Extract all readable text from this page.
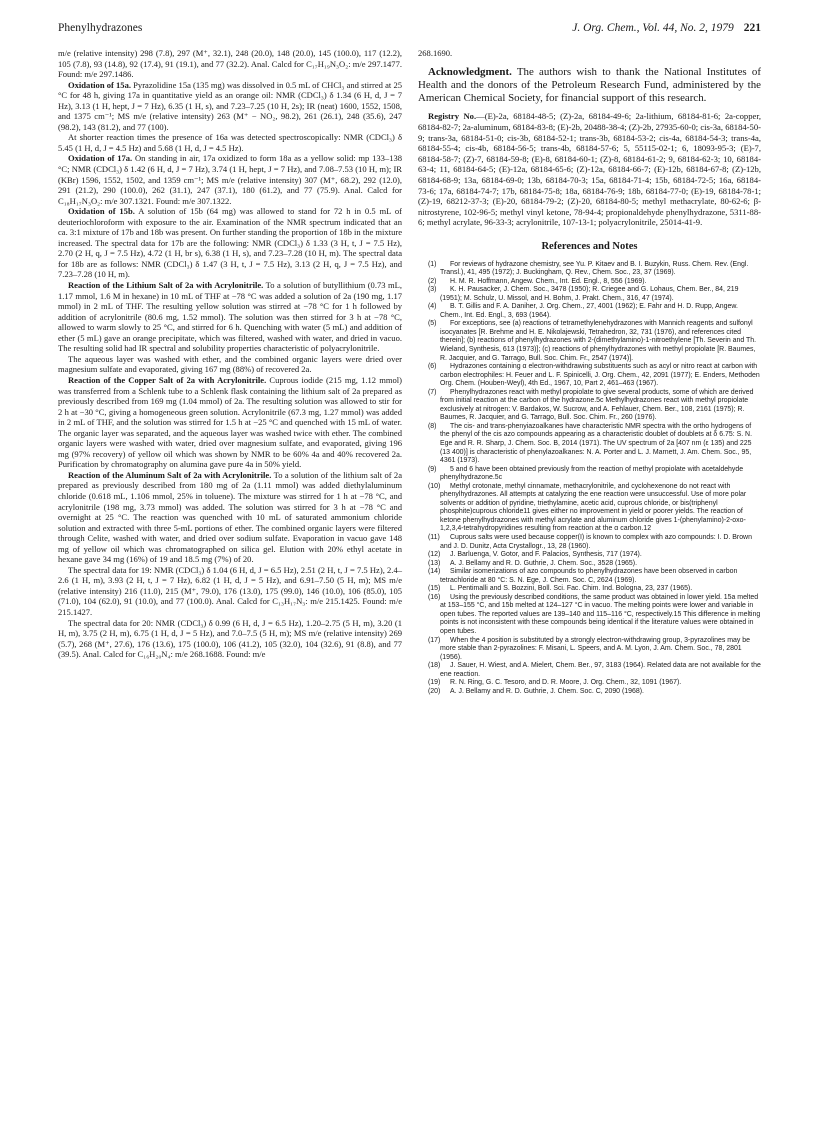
Phenylhydrazones	J. Org. Chem., Vol. 44, No. 2, 1979 221

m/e (relative intensity) 298 (7.8), 297 (M⁺, 32.1), 248 (20.0), 148 (20.0), 145 (100.0), 117 (12.2), 105 (7.8), 93 (14.8), 92 (17.4), 91 (19.1), and 77 (32.2). Anal. Calcd for C₁₇H₁₉N₃O₂: m/e 297.1477. Found: m/e 297.1486.

Oxidation of 15a. Pyrazolidine 15a (135 mg) was dissolved in 0.5 mL of CHCl₃ and stirred at 25 °C for 48 h, giving 17a in quantitative yield as an orange oil: NMR (CDCl₃) δ 1.34 (6 H, d, J = 7 Hz), 3.13 (1 H, hept, J = 7 Hz), 6.35 (1 H, s), and 7.23–7.25 (10 H, 2s); IR (neat) 1600, 1552, 1508, and 1375 cm⁻¹; MS m/e (relative intensity) 263 (M⁺ − NO₂, 98.2), 261 (26.1), 248 (35.6), 247 (98.2), 143 (81.2), and 77 (100).

At shorter reaction times the presence of 16a was detected spectroscopically: NMR (CDCl₃) δ 5.45 (1 H, d, J = 4.5 Hz) and 5.68 (1 H, d, J = 4.5 Hz).

Oxidation of 17a. On standing in air, 17a oxidized to form 18a as a yellow solid: mp 133–138 °C; NMR (CDCl₃) δ 1.42 (6 H, d, J = 7 Hz), 3.74 (1 H, hept, J = 7 Hz), and 7.08–7.53 (10 H, m); IR (KBr) 1596, 1552, 1502, and 1359 cm⁻¹; MS m/e (relative intensity) 307 (M⁺, 68.2), 292 (12.0), 291 (21.2), 290 (100.0), 262 (31.1), 247 (37.1), 180 (61.2), and 77 (75.9). Anal. Calcd for C₁₈H₁₇N₃O₂: m/e 307.1321. Found: m/e 307.1322.

Oxidation of 15b. A solution of 15b (64 mg) was allowed to stand for 72 h in 0.5 mL of deuteriochloroform with exposure to the air. Examination of the NMR spectrum indicated that an ca. 3:1 mixture of 17b and 18b was present. On further standing the proportion of 18b in the mixture increased. The spectral data for 17b are the following: NMR (CDCl₃) δ 1.33 (3 H, t, J = 7.5 Hz), 2.70 (2 H, q, J = 7.5 Hz), 4.72 (1 H, br s), 6.38 (1 H, s), and 7.23–7.28 (10 H, m). The spectral data for 18b are as follows: NMR (CDCl₃) δ 1.47 (3 H, t, J = 7.5 Hz), 3.13 (2 H, q, J = 7.5 Hz), and 7.23–7.28 (10 H, m).

Reaction of the Lithium Salt of 2a with Acrylonitrile. To a solution of butyllithium (0.73 mL, 1.17 mmol, 1.6 M in hexane) in 10 mL of THF at −78 °C was added a solution of 2a (190 mg, 1.17 mmol) in 2 mL of THF. The resulting yellow solution was stirred at −78 °C for 1 h followed by addition of acrylonitrile (80.6 mg, 1.52 mmol). The solution was then stirred for 3 h at −78 °C, allowed to warm slowly to 25 °C, and stirred for 6 h. Quenching with water (5 mL) and addition of ether (5 mL) gave an orange precipitate, which was filtered, washed with water, and dried in vacuo. The resulting solid had IR spectral and solubility properties characteristic of polyacrylonitrile.

The aqueous layer was washed with ether, and the combined organic layers were dried over magnesium sulfate and evaporated, giving 167 mg (88%) of recovered 2a.

Reaction of the Copper Salt of 2a with Acrylonitrile. Cuprous iodide (215 mg, 1.12 mmol) was transferred from a Schlenk tube to a Schlenk flask containing the lithium salt of 2a prepared as previously described from 169 mg (1.04 mmol) of 2a. The resulting solution was allowed to stir for 2 h at −30 °C, giving a homogeneous green solution. Acrylonitrile (67.3 mg, 1.27 mmol) was added in 2 mL of THF, and the solution was stirred for 1.5 h at −25 °C and quenched with 15 mL of water. The organic layer was separated, and the aqueous layer was washed twice with ether. The combined organic layers were washed with water, dried over magnesium sulfate, and evaporated, giving 196 mg (97% recovery) of yellow oil which was shown by NMR to be 60% 4a and 40% recovered 2a. Purification by chromatography on alumina gave pure 4a in 50% yield.

Reaction of the Aluminum Salt of 2a with Acrylonitrile. To a solution of the lithium salt of 2a prepared as previously described from 180 mg of 2a (1.11 mmol) was added diethylaluminum chloride (0.618 mL, 1.106 mmol, 25% in toluene). The mixture was stirred for 1 h at −78 °C, and acrylonitrile (198 mg, 3.73 mmol) was added. The solution was stirred for 3 h at −78 °C and overnight at 25 °C. The reaction was quenched with 10 mL of saturated ammonium chloride solution and extracted with three 5-mL portions of ether. The combined organic layers were filtered through Celite, washed with water, and dried over sodium sulfate. Evaporation in vacuo gave 148 mg of yellow oil which was chromatographed on silica gel. Elution with 20% ethyl acetate in hexane gave 34 mg (16%) of 19 and 18.5 mg (7%) of 20.

The spectral data for 19: NMR (CDCl₃) δ 1.04 (6 H, d, J = 6.5 Hz), 2.51 (2 H, t, J = 7.5 Hz), 2.4–2.6 (1 H, m), 3.93 (2 H, t, J = 7 Hz), 6.82 (1 H, d, J = 5 Hz), and 6.91–7.50 (5 H, m); MS m/e (relative intensity) 216 (11.0), 215 (M⁺, 79.0), 176 (13.0), 175 (99.0), 146 (10.0), 106 (85.0), 105 (71.0), 104 (62.0), 91 (10.0), and 77 (100.0). Anal. Calcd for C₁₃H₁₇N₃: m/e 215.1425. Found: m/e 215.1427.

The spectral data for 20: NMR (CDCl₃) δ 0.99 (6 H, d, J = 6.5 Hz), 1.20–2.75 (5 H, m), 3.20 (1 H, m), 3.75 (2 H, m), 6.75 (1 H, d, J = 5 Hz), and 7.0–7.5 (5 H, m); MS m/e (relative intensity) 269 (5.7), 268 (M⁺, 27.6), 176 (13.6), 175 (100.0), 106 (41.2), 105 (32.0), 104 (32.6), 91 (8.8), and 77 (39.5). Anal. Calcd for C₁₆H₂₀N₄: m/e 268.1688. Found: m/e

268.1690.

Acknowledgment. The authors wish to thank the National Institutes of Health and the donors of the Petroleum Research Fund, administered by the American Chemical Society, for financial support of this research.

Registry No.—(E)-2a, 68184-48-5; (Z)-2a, 68184-49-6; 2a-lithium, 68184-81-6; 2a-copper, 68184-82-7; 2a-aluminum, 68184-83-8; (E)-2b, 20488-38-4; (Z)-2b, 27935-60-0; cis-3a, 68184-50-9; trans-3a, 68184-51-0; cis-3b, 68184-52-1; trans-3b, 68184-53-2; cis-4a, 68184-54-3; trans-4a, 68184-55-4; cis-4b, 68184-56-5; trans-4b, 68184-57-6; 5, 55115-02-1; 6, 18093-95-3; (E)-7, 68184-58-7; (Z)-7, 68184-59-8; (E)-8, 68184-60-1; (Z)-8, 68184-61-2; 9, 68184-62-3; 10, 68184-63-4; 11, 68184-64-5; (E)-12a, 68184-65-6; (Z)-12a, 68184-66-7; (E)-12b, 68184-67-8; (Z)-12b, 68184-68-9; 13a, 68184-69-0; 13b, 68184-70-3; 15a, 68184-71-4; 15b, 68184-72-5; 16a, 68184-73-6; 17a, 68184-74-7; 17b, 68184-75-8; 18a, 68184-76-9; 18b, 68184-77-0; (E)-19, 68184-78-1; (Z)-19, 68212-37-3; (E)-20, 68184-79-2; (Z)-20, 68184-80-5; methyl methacrylate, 80-62-6; β-nitrostyrene, 102-96-5; methyl vinyl ketone, 78-94-4; propionaldehyde phenylhydrazone, 5311-88-6; methyl acrylate, 96-33-3; acrylonitrile, 107-13-1; polyacrylonitrile, 25014-41-9.

References and Notes

(1) For reviews of hydrazone chemistry, see Yu. P. Kitaev and B. I. Buzykin, Russ. Chem. Rev. (Engl. Transl.), 41, 495 (1972); J. Buckingham, Q. Rev., Chem. Soc., 23, 37 (1969).

(2) H. M. R. Hoffmann, Angew. Chem., Int. Ed. Engl., 8, 556 (1969).

(3) K. H. Pausacker, J. Chem. Soc., 3478 (1950); R. Criegee and G. Lohaus, Chem. Ber., 84, 219 (1951); M. Schulz, U. Missol, and H. Bohm, J. Prakt. Chem., 316, 47 (1974).

(4) B. T. Gillis and F. A. Daniher, J. Org. Chem., 27, 4001 (1962); E. Fahr and H. D. Rupp, Angew. Chem., Int. Ed. Engl., 3, 693 (1964).

(5) For exceptions, see (a) reactions of tetramethylenehydrazones with Mannich reagents and sulfonyl isocyanates [R. Brehme and H. E. Nikolajewski, Tetrahedron, 32, 731 (1976), and references cited therein]; (b) reactions of phenylhydrazones with 2-(dimethylamino)-1-nitroethylene [Th. Severin and Th. Wieland, Synthesis, 613 (1973)]; (c) reactions of phenylhydrazones with methyl propiolate [R. Baumes, R. Jacquier, and G. Tarrago, Bull. Soc. Chim. Fr., 2547 (1974)].

(6) Hydrazones containing α electron-withdrawing substituents such as acyl or nitro react at carbon with carbon electrophiles: H. Feuer and L. F. Spinicelli, J. Org. Chem., 42, 2091 (1977); E. Enders, Methoden Org. Chem. (Houben-Weyl), 4th Ed., 1967, 10, Part 2, 461–463 (1967).

(7) Phenylhydrazones react with methyl propiolate to give several products, some of which are derived from initial reaction at the carbon of the hydrazone.5c Methylhydrazones react with methyl propiolate exclusively at nitrogen: V. Bardakos, W. Sucrow, and A. Fehlauer, Chem. Ber., 108, 2161 (1975); R. Baumes, R. Jacquier, and G. Tarrago, Bull. Soc. Chim. Fr., 260 (1976).

(8) The cis- and trans-phenyiazoalkanes have characteristic NMR spectra with the ortho hydrogens of the phenyl of the cis azo compounds appearing as a characteristic doublet of doublets at δ 6.75: S. N. Ege and R. R. Sharp, J. Chem. Soc. B, 2014 (1971). The UV spectrum of 2a [407 nm (ε 135) and 225 (13 400)] is characteristic of phenylazoalkanes: N. A. Porter and L. J. Marnett, J. Am. Chem. Soc., 95, 4361 (1973).

(9) 5 and 6 have been obtained previously from the reaction of methyl propiolate with acetaldehyde phenylhydrazone.5c

(10) Methyl crotonate, methyl cinnamate, methacrylonitrile, and cyclohexenone do not react with phenylhydrazones. All attempts at catalyzing the ene reaction were unsuccessful. Use of more polar solvents or addition of pyridine, triethylamine, acetic acid, cuprous chloride, or bis(triphenyl phosphite)cuprous chloride11 gives either no improvement in yield or poorer yields. The reaction of ketone phenylhydrazones with methyl acrylate and aluminum chloride gives 1-(phenylamino)-2-oxo-1,2,3,4-tetrahydropyridines resulting from reaction at the α carbon.12

(11) Cuprous salts were used because copper(I) is known to complex with azo compounds: I. D. Brown and J. D. Dunitz, Acta Crystallogr., 13, 28 (1960).

(12) J. Barluenga, V. Gotor, and F. Palacios, Synthesis, 717 (1974).

(13) A. J. Bellamy and R. D. Guthrie, J. Chem. Soc., 3528 (1965).

(14) Similar isomerizations of azo compounds to phenylhydrazones have been observed in carbon tetrachloride at 80 °C: S. N. Ege, J. Chem. Soc. C, 2624 (1969).

(15) L. Pentimalli and S. Bozzini, Boll. Sci. Fac. Chim. Ind. Bologna, 23, 237 (1965).

(16) Using the previously described conditions, the same product was obtained in lower yield. 15a melted at 153–155 °C, and 15b melted at 124–127 °C in vacuo. The melting points were lower and variable in open tubes. The reported values are 139–140 and 115–116 °C, respectively.15 This difference in melting points is not inconsistent with these compounds being identical if the literature values were obtained in open tubes.

(17) When the 4 position is substituted by a strongly electron-withdrawing group, 3-pyrazolines may be more stable than 2-pyrazolines: F. Misani, L. Speers, and A. M. Lyon, J. Am. Chem. Soc., 78, 2801 (1956).

(18) J. Sauer, H. Wiest, and A. Mielert, Chem. Ber., 97, 3183 (1964). Related data are not available for the ene reaction.

(19) R. N. Ring, G. C. Tesoro, and D. R. Moore, J. Org. Chem., 32, 1091 (1967).

(20) A. J. Bellamy and R. D. Guthrie, J. Chem. Soc. C, 2090 (1968).
